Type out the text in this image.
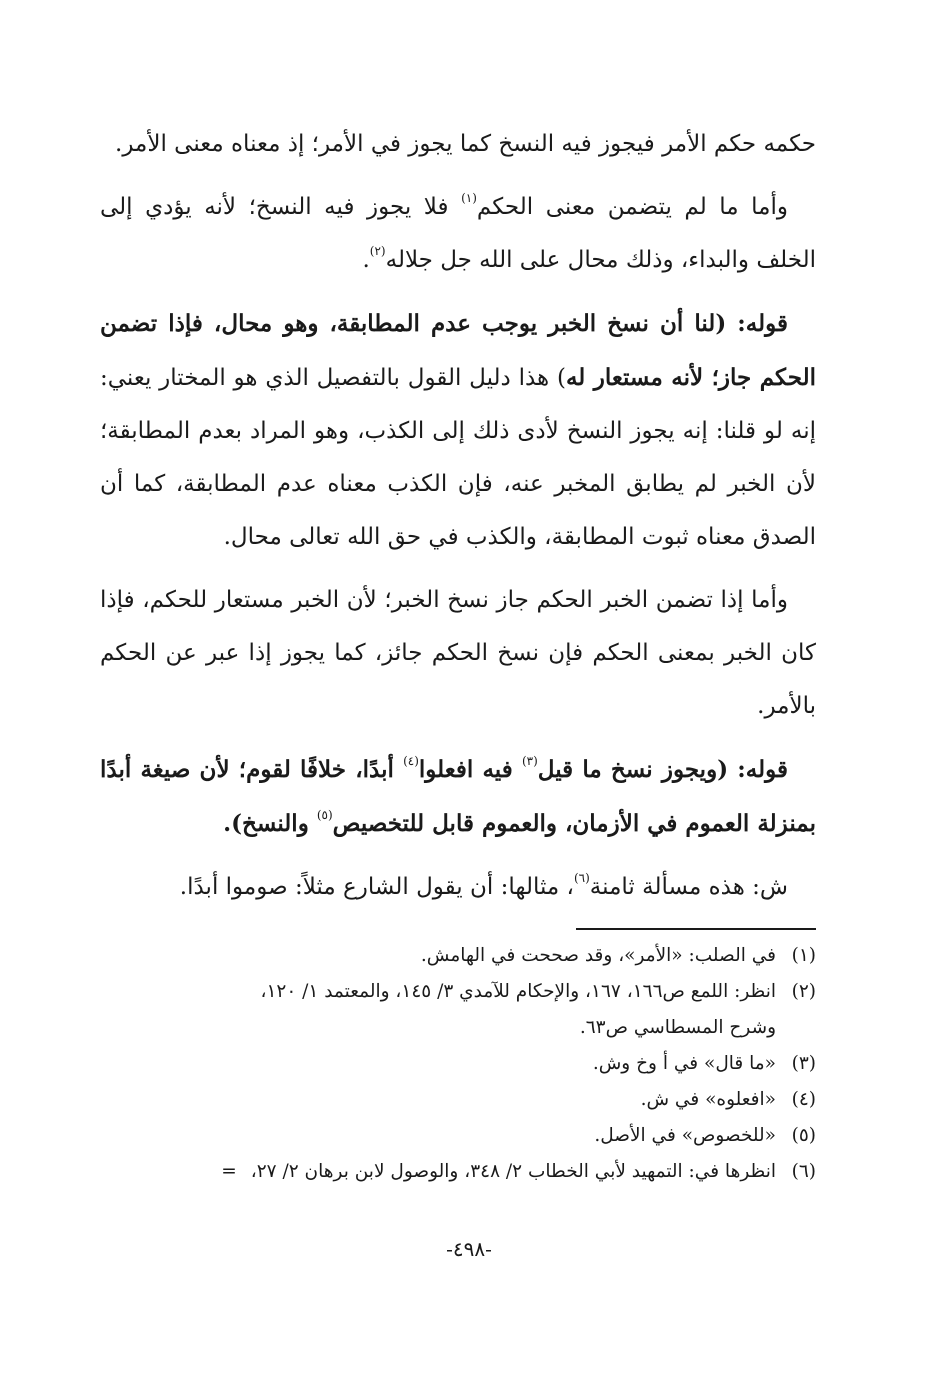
حكمه حكم الأمر فيجوز فيه النسخ كما يجوز في الأمر؛ إذ معناه معنى الأمر.

وأما ما لم يتضمن معنى الحكم$^{(١)}$ فلا يجوز فيه النسخ؛ لأنه يؤدي إلى الخلف والبداء، وذلك محال على الله جل جلاله$^{(٢)}$.

قوله: (لنا أن نسخ الخبر يوجب عدم المطابقة، وهو محال، فإذا تضمن الحكم جاز؛ لأنه مستعار له) هذا دليل القول بالتفصيل الذي هو المختار يعني: إنه لو قلنا: إنه يجوز النسخ لأدى ذلك إلى الكذب، وهو المراد بعدم المطابقة؛ لأن الخبر لم يطابق المخبر عنه، فإن الكذب معناه عدم المطابقة، كما أن الصدق معناه ثبوت المطابقة، والكذب في حق الله تعالى محال.

وأما إذا تضمن الخبر الحكم جاز نسخ الخبر؛ لأن الخبر مستعار للحكم، فإذا كان الخبر بمعنى الحكم فإن نسخ الحكم جائز، كما يجوز إذا عبر عن الحكم بالأمر.

قوله: (ويجوز نسخ ما قيل$^{(٣)}$ فيه افعلوا$^{(٤)}$ أبدًا، خلافًا لقوم؛ لأن صيغة أبدًا بمنزلة العموم في الأزمان، والعموم قابل للتخصيص$^{(٥)}$ والنسخ).

ش: هذه مسألة ثامنة$^{(٦)}$، مثالها: أن يقول الشارع مثلاً: صوموا أبدًا.

(١)
في الصلب: «الأمر»، وقد صححت في الهامش.
(٢)
انظر: اللمع ص١٦٦، ١٦٧، والإحكام للآمدي ٣/ ١٤٥، والمعتمد ١/ ١٢٠،
وشرح المسطاسي ص٦٣.
(٣)
«ما قال» في أ وخ وش.
(٤)
«افعلوه» في ش.
(٥)
«للخصوص» في الأصل.
(٦)
انظرها في: التمهيد لأبي الخطاب ٢/ ٣٤٨، والوصول لابن برهان ٢/ ٢٧،=
-٤٩٨-
